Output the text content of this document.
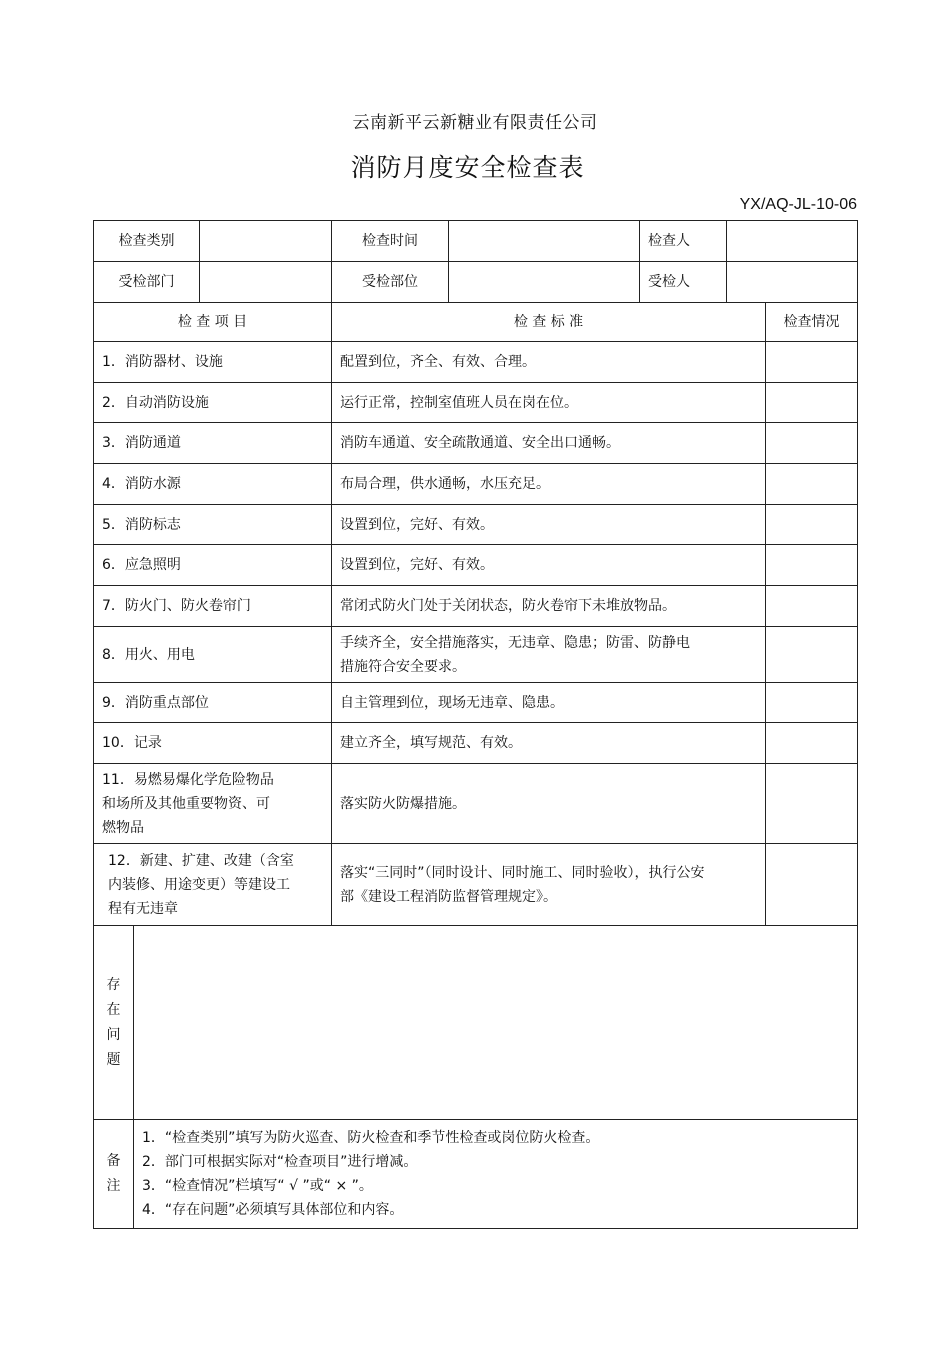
云南新平云新糖业有限责任公司
消防月度安全检查表
YX/AQ-JL-10-06
检查类别			检查时间		检查人		
受检部门			受检部位		受检人		
检 查 项 目			检 查 标 准				检查情况
1．消防器材、设施			配置到位，齐全、有效、合理。				
2．自动消防设施			运行正常，控制室值班人员在岗在位。				
3．消防通道			消防车通道、安全疏散通道、安全出口通畅。				
4．消防水源			布局合理，供水通畅，水压充足。				
5．消防标志			设置到位，完好、有效。				
6．应急照明			设置到位，完好、有效。				
7．防火门、防火卷帘门			常闭式防火门处于关闭状态，防火卷帘下未堆放物品。				
8．用火、用电			手续齐全，安全措施落实，无违章、隐患；防雷、防静电措施符合安全要求。				
9．消防重点部位			自主管理到位，现场无违章、隐患。				
10．记录			建立齐全，填写规范、有效。				
11．易燃易爆化学危险物品和场所及其他重要物资、可燃物品			落实防火防爆措施。				
12．新建、扩建、改建（含室内装修、用途变更）等建设工程有无违章			落实“三同时”（同时设计、同时施工、同时验收），执行公安部《建设工程消防监督管理规定》。				

存在问题							

备注	1．“检查类别”填写为防火巡查、防火检查和季节性检查或岗位防火检查。
2．部门可根据实际对“检查项目”进行增减。
3．“检查情况”栏填写“ √ ”或“ × ”。
4．“存在问题”必须填写具体部位和内容。						
